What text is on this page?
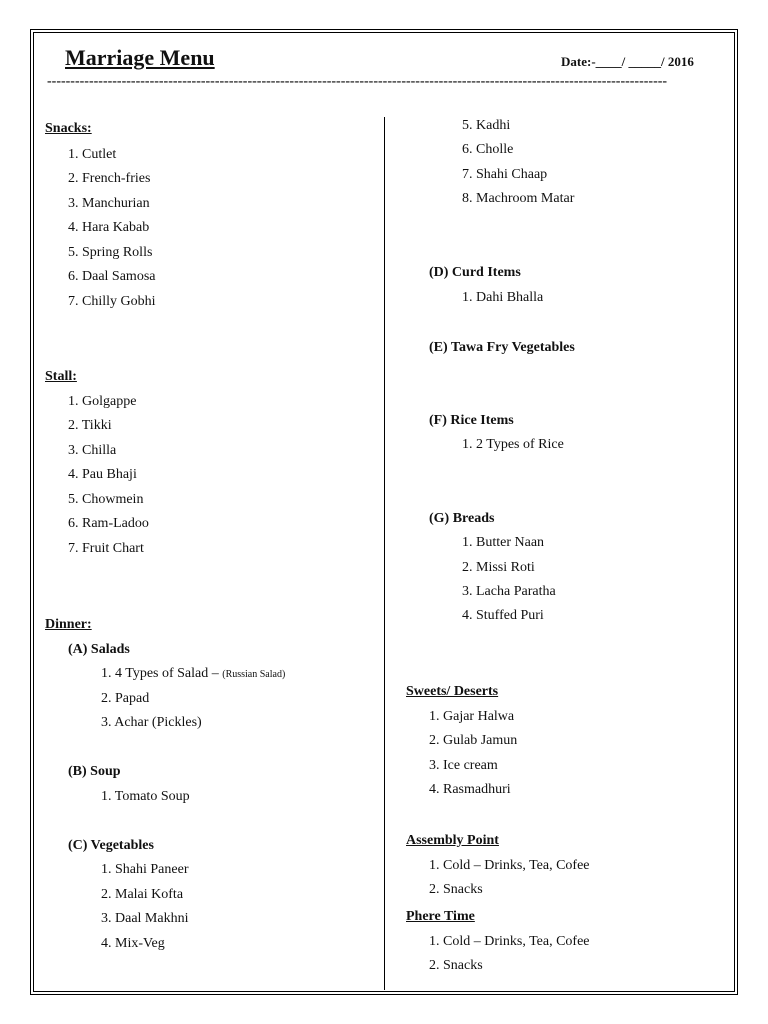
Marriage Menu	Date:-____/ _____/ 2016
-------------------------------------------------------------------------------------------------------------------------------------
Snacks:
1. Cutlet
2. French-fries
3. Manchurian
4. Hara Kabab
5. Spring Rolls
6. Daal Samosa
7. Chilly Gobhi
Stall:
1. Golgappe
2. Tikki
3. Chilla
4. Pau Bhaji
5. Chowmein
6. Ram-Ladoo
7. Fruit Chart
Dinner:
(A) Salads
1. 4 Types of Salad – (Russian Salad)
2. Papad
3. Achar (Pickles)
(B) Soup
1. Tomato Soup
(C) Vegetables
1. Shahi Paneer
2. Malai Kofta
3. Daal Makhni
4. Mix-Veg
5. Kadhi
6. Cholle
7. Shahi Chaap
8. Machroom Matar
(D) Curd Items
1. Dahi Bhalla
(E) Tawa Fry Vegetables
(F) Rice Items
1. 2 Types of Rice
(G) Breads
1. Butter Naan
2. Missi Roti
3. Lacha Paratha
4. Stuffed Puri
Sweets/ Deserts
1. Gajar Halwa
2. Gulab Jamun
3. Ice cream
4. Rasmadhuri
Assembly Point
1. Cold – Drinks, Tea, Cofee
2. Snacks
Phere Time
1. Cold – Drinks, Tea, Cofee
2. Snacks
